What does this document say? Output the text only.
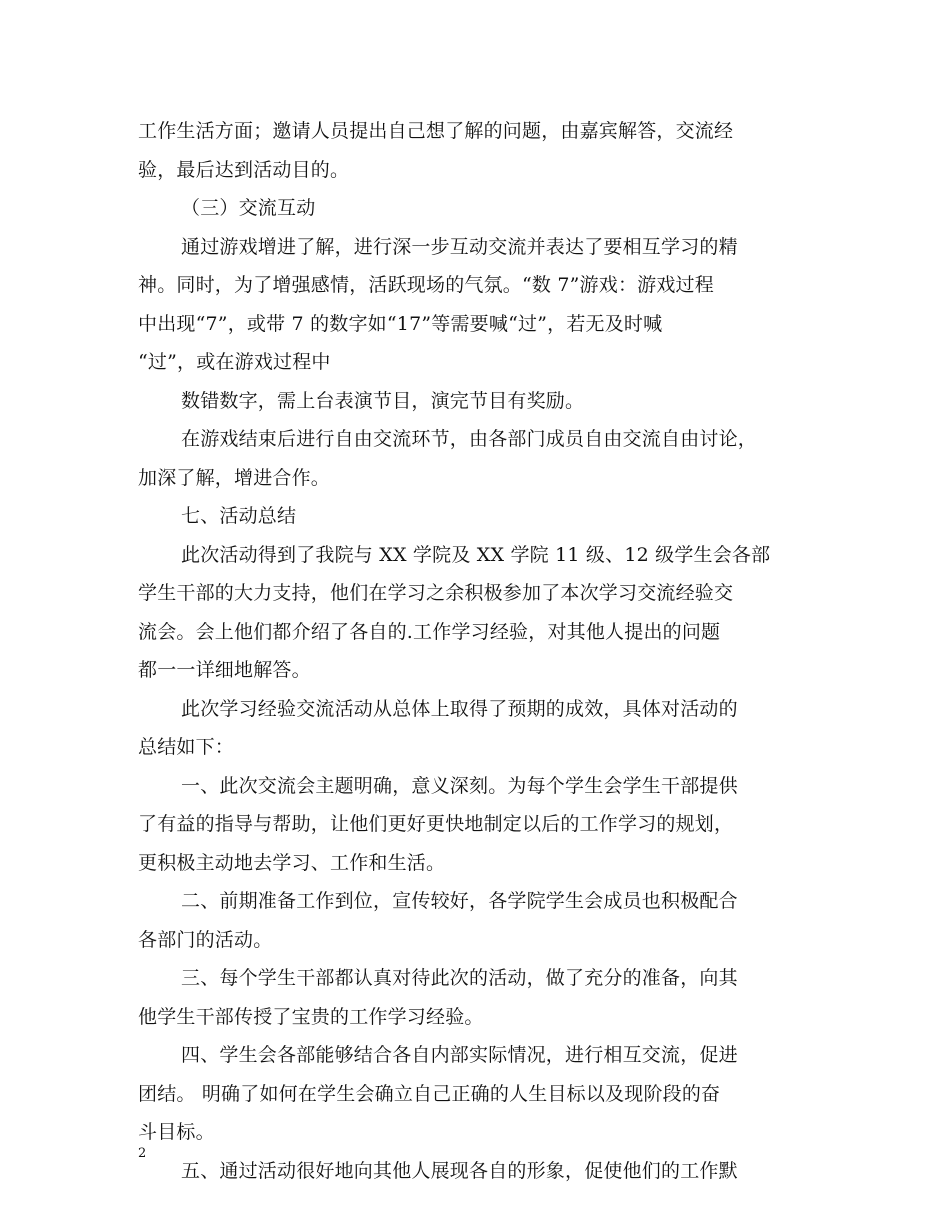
工作生活方面；邀请人员提出自己想了解的问题，由嘉宾解答，交流经
验，最后达到活动目的。
（三）交流互动
通过游戏增进了解，进行深一步互动交流并表达了要相互学习的精
神。同时，为了增强感情，活跃现场的气氛。“数 7”游戏：游戏过程
中出现“7”，或带 7 的数字如“17”等需要喊“过”，若无及时喊
“过”，或在游戏过程中
数错数字，需上台表演节目，演完节目有奖励。
在游戏结束后进行自由交流环节，由各部门成员自由交流自由讨论，
加深了解，增进合作。
七、活动总结
此次活动得到了我院与 XX 学院及 XX 学院 11 级、12 级学生会各部
学生干部的大力支持，他们在学习之余积极参加了本次学习交流经验交
流会。会上他们都介绍了各自的.工作学习经验，对其他人提出的问题
都一一详细地解答。
此次学习经验交流活动从总体上取得了预期的成效，具体对活动的
总结如下：
一、此次交流会主题明确，意义深刻。为每个学生会学生干部提供
了有益的指导与帮助，让他们更好更快地制定以后的工作学习的规划，
更积极主动地去学习、工作和生活。
二、前期准备工作到位，宣传较好，各学院学生会成员也积极配合
各部门的活动。
三、每个学生干部都认真对待此次的活动，做了充分的准备，向其
他学生干部传授了宝贵的工作学习经验。
四、学生会各部能够结合各自内部实际情况，进行相互交流，促进
团结。 明确了如何在学生会确立自己正确的人生目标以及现阶段的奋
斗目标。
五、通过活动很好地向其他人展现各自的形象，促使他们的工作默
2
